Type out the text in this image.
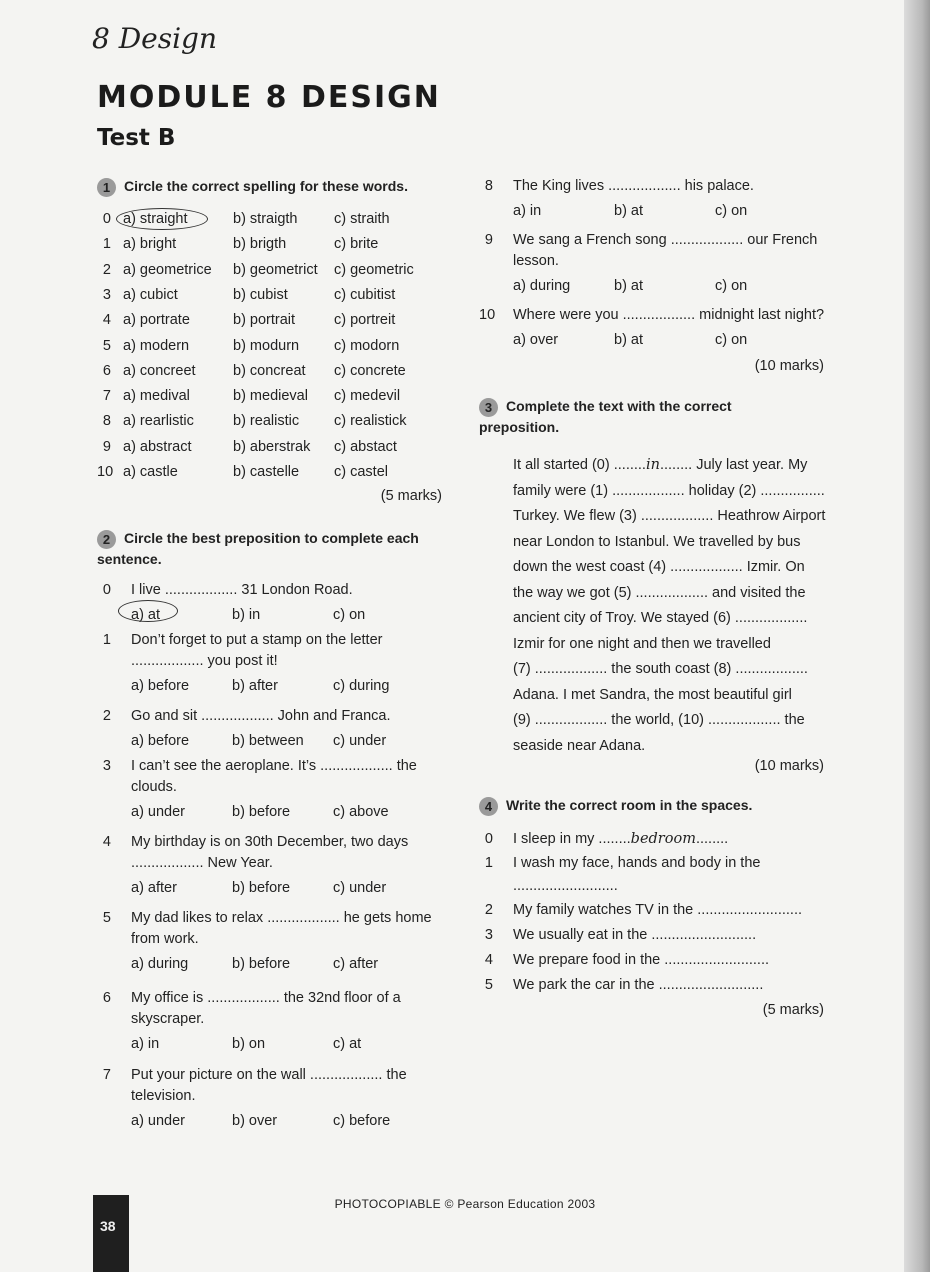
8 Design
MODULE 8 DESIGN
Test B
1 Circle the correct spelling for these words.
0 a) straight	b) straigth	c) straith
1 a) bright	b) brigth	c) brite
2 a) geometrice b) geometrict c) geometric
3 a) cubict	b) cubist	c) cubitist
4 a) portrate	b) portrait	c) portreit
5 a) modern	b) modurn c) modorn
6 a) concreet	b) concreat c) concrete
7 a) medival	b) medieval c) medevil
8 a) rearlistic	b) realistic c) realistick
9 a) abstract	b) aberstrak c) abstact
10 a) castle	b) castelle c) castel
(5 marks)
2 Circle the best preposition to complete each
sentence.
0 I live .................. 31 London Road.
a) at	b) in	c) on
1 Don’t forget to put a stamp on the letter
.................. you post it!
a) before	b) after	c) during
2 Go and sit .................. John and Franca.
a) before	b) between c) under
3 I can’t see the aeroplane. It’s .................. the
clouds.
a) under	b) before	c) above
4 My birthday is on 30th December, two days
.................. New Year.
a) after	b) before	c) under
5 My dad likes to relax .................. he gets home
from work.
a) during	b) before	c) after
6 My office is .................. the 32nd floor of a
skyscraper.
a) in	b) on	c) at
7 Put your picture on the wall .................. the
television.
a) under	b) over	c) before
8 The King lives .................. his palace.
a) in	b) at	c) on
9 We sang a French song .................. our French
lesson.
a) during	b) at	c) on
10 Where were you .................. midnight last night?
a) over	b) at	c) on
(10 marks)
3 Complete the text with the correct
preposition.
It all started (0) ........in........ July last year. My
family were (1) .................. holiday (2) ................
Turkey. We flew (3) .................. Heathrow Airport
near London to Istanbul. We travelled by bus
down the west coast (4) .................. Izmir. On
the way we got (5) .................. and visited the
ancient city of Troy. We stayed (6) ..................
Izmir for one night and then we travelled
(7) .................. the south coast (8) ..................
Adana. I met Sandra, the most beautiful girl
(9) .................. the world, (10) .................. the
seaside near Adana.
(10 marks)
4 Write the correct room in the spaces.
0 I sleep in my ........bedroom........
1 I wash my face, hands and body in the
..........................
2 My family watches TV in the ..........................
3 We usually eat in the ..........................
4 We prepare food in the ..........................
5 We park the car in the ..........................
(5 marks)
PHOTOCOPIABLE © Pearson Education 2003
38
